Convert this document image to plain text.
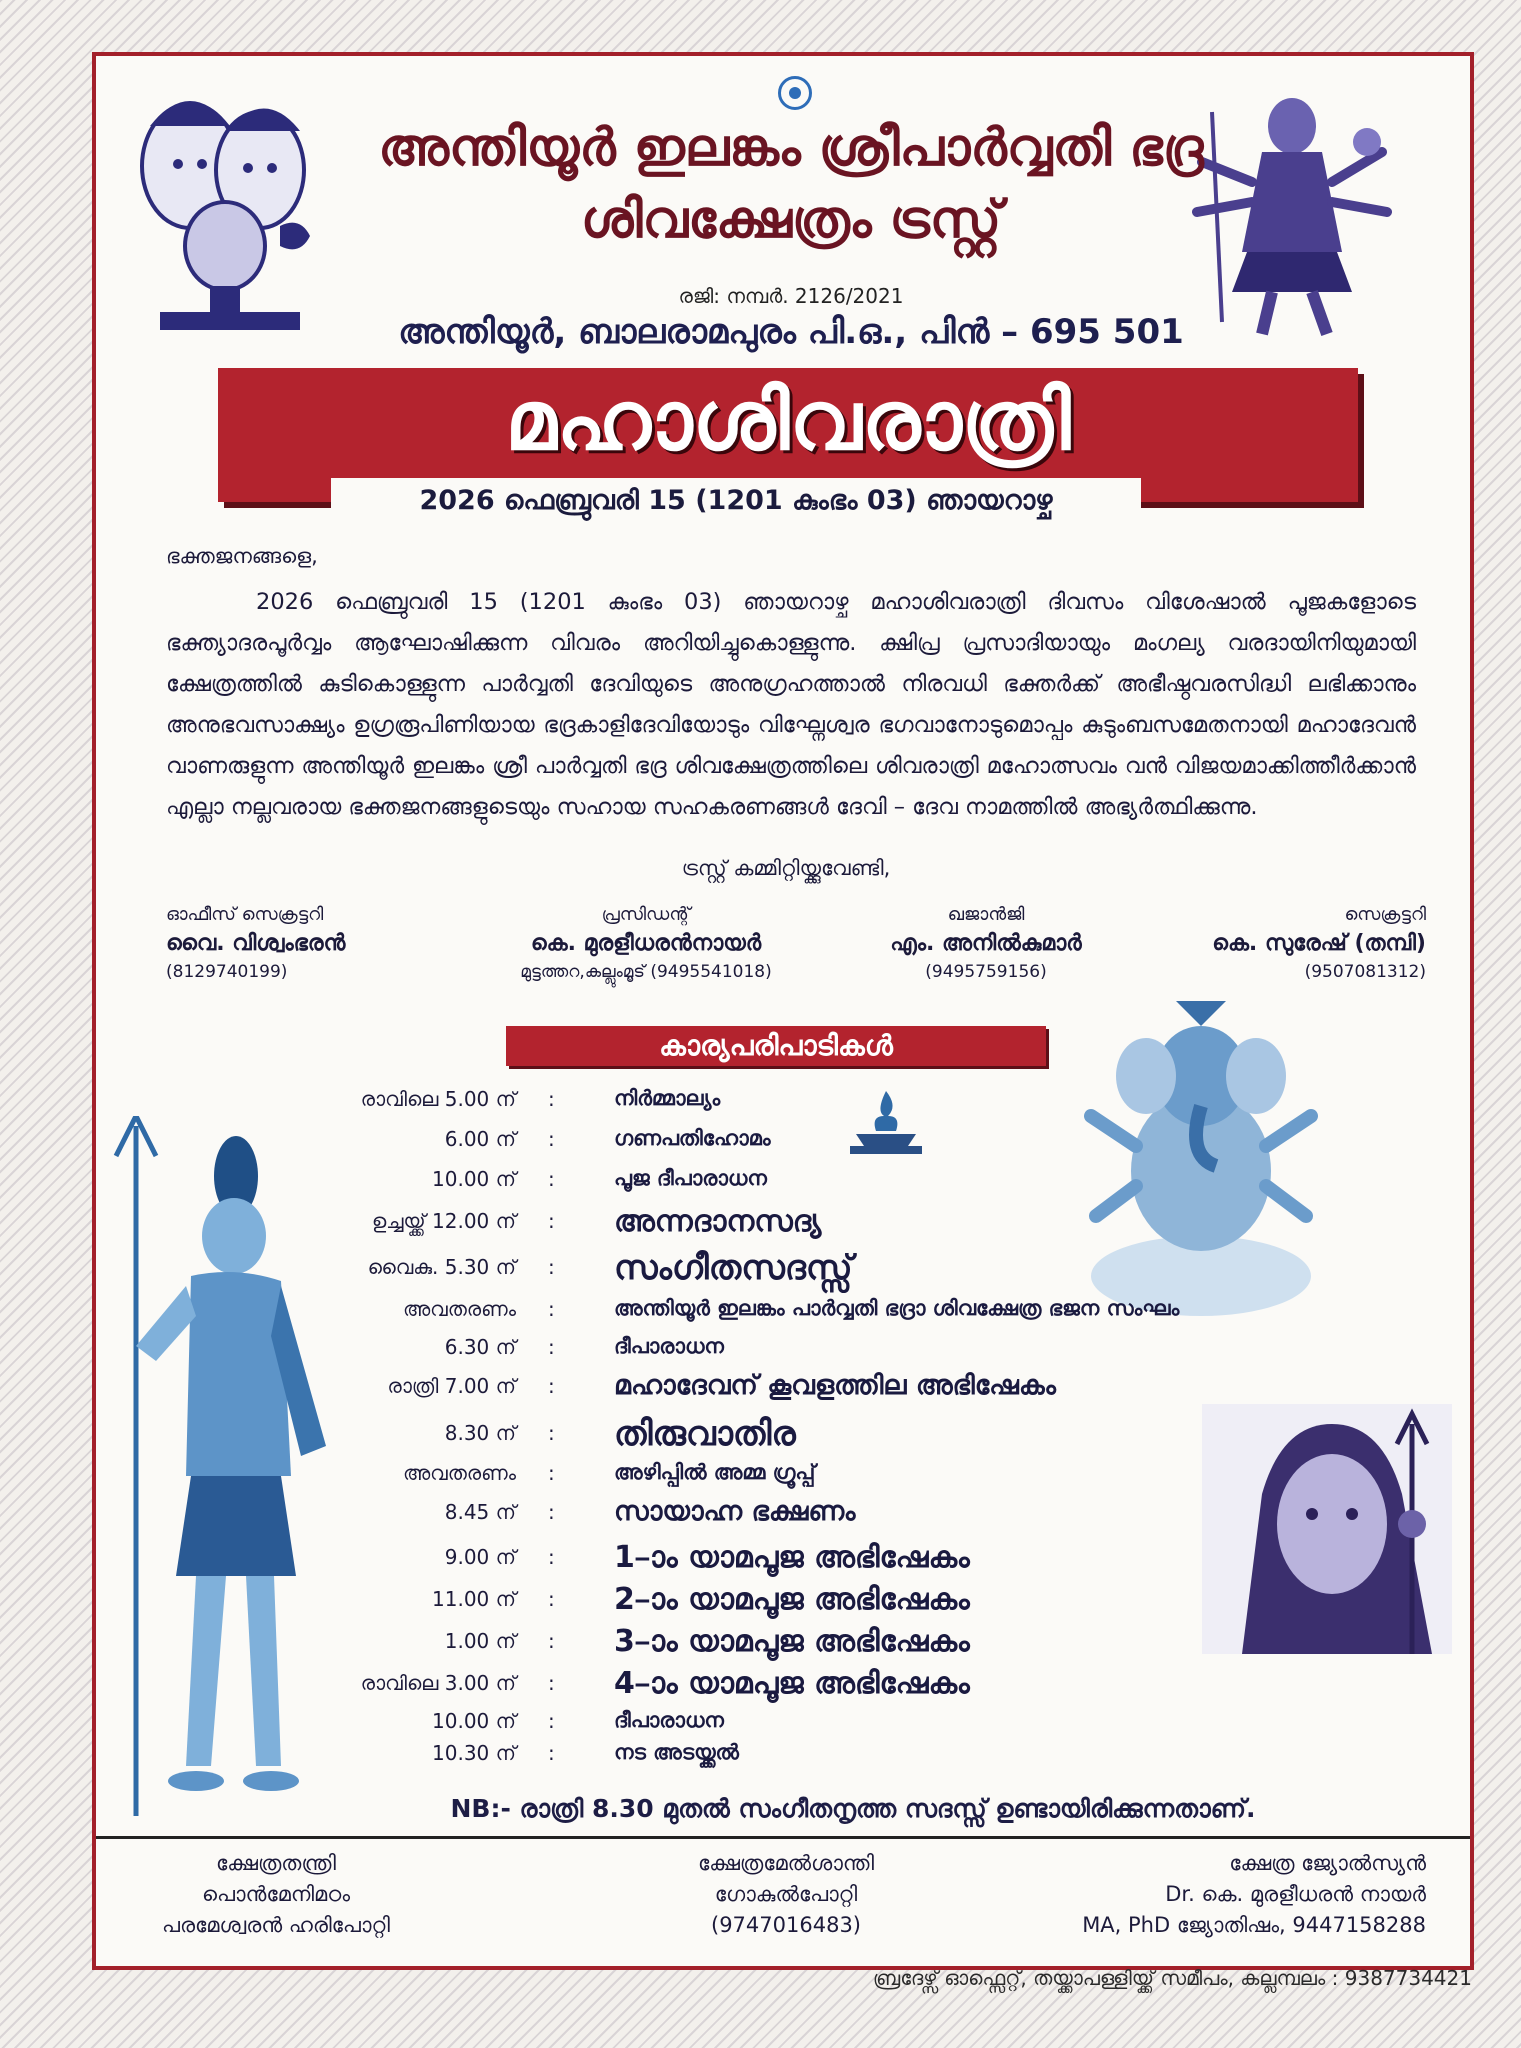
അന്തിയൂർ ഇലങ്കം ശ്രീപാർവ്വതി ഭദ്ര
ശിവക്ഷേത്രം ട്രസ്റ്റ്
രജി: നമ്പർ. 2126/2021
അന്തിയൂർ, ബാലരാമപുരം പി.ഒ., പിൻ – 695 501
മഹാശിവരാത്രി
2026 ഫെബ്രുവരി 15 (1201 കുംഭം 03) ഞായറാഴ്ച
ഭക്തജനങ്ങളെ,
2026 ഫെബ്രുവരി 15 (1201 കുംഭം 03) ഞായറാഴ്ച മഹാശിവരാത്രി ദിവസം വിശേഷാൽ പൂജകളോടെ ഭക്ത്യാദരപൂർവ്വം ആഘോഷിക്കുന്ന വിവരം അറിയിച്ചുകൊള്ളുന്നു. ക്ഷിപ്ര പ്രസാദിയായും മംഗല്യ വരദായിനിയുമായി ക്ഷേത്രത്തിൽ കുടികൊള്ളുന്ന പാർവ്വതി ദേവിയുടെ അനുഗ്രഹത്താൽ നിരവധി ഭക്തർക്ക് അഭീഷ്ഠവരസിദ്ധി ലഭിക്കാനും അനുഭവസാക്ഷ്യം ഉഗ്രരൂപിണിയായ ഭദ്രകാളിദേവിയോടും വിഘ്നേശ്വര ഭഗവാനോടുമൊപ്പം കുടുംബസമേതനായി മഹാദേവൻ വാണരുളുന്ന അന്തിയൂർ ഇലങ്കം ശ്രീ പാർവ്വതി ഭദ്ര ശിവക്ഷേത്രത്തിലെ ശിവരാത്രി മഹോത്സവം വൻ വിജയമാക്കിത്തീർക്കാൻ എല്ലാ നല്ലവരായ ഭക്തജനങ്ങളുടെയും സഹായ സഹകരണങ്ങൾ ദേവി – ദേവ നാമത്തിൽ അഭ്യർത്ഥിക്കുന്നു.
ട്രസ്റ്റ് കമ്മിറ്റിയ്ക്കുവേണ്ടി,
ഓഫീസ് സെക്രട്ടറി
വൈ. വിശ്വംഭരൻ
(8129740199)
പ്രസിഡന്റ്
കെ. മുരളീധരൻനായർ
മുട്ടത്തറ,കല്ലുംമൂട് (9495541018)
ഖജാൻജി
എം. അനിൽകുമാർ
(9495759156)
സെക്രട്ടറി
കെ. സുരേഷ് (തമ്പി)
(9507081312)
കാര്യപരിപാടികൾ
രാവിലെ 5.00 ന് :	നിർമ്മാല്യം
6.00 ന് :	ഗണപതിഹോമം
10.00 ന് :	പൂജ ദീപാരാധന
ഉച്ചയ്ക്ക് 12.00 ന് : അന്നദാനസദ്യ
വൈകു. 5.30 ന് : സംഗീതസദസ്സ്
അവതരണം :	അന്തിയൂർ ഇലങ്കം പാർവ്വതി ഭദ്രാ ശിവക്ഷേത്ര ഭജന സംഘം
6.30 ന് :	ദീപാരാധന
രാത്രി 7.00 ന് : മഹാദേവന് കൂവളത്തില അഭിഷേകം
8.30 ന് : തിരുവാതിര
അവതരണം :	അഴിപ്പിൽ അമ്മ ഗ്രൂപ്പ്
8.45 ന് : സായാഹ്ന ഭക്ഷണം
9.00 ന് : 1–ാം യാമപൂജ അഭിഷേകം
11.00 ന് : 2–ാം യാമപൂജ അഭിഷേകം
1.00 ന് : 3–ാം യാമപൂജ അഭിഷേകം
രാവിലെ 3.00 ന് : 4–ാം യാമപൂജ അഭിഷേകം
10.00 ന് :	ദീപാരാധന
10.30 ന് :	നട അടയ്ക്കൽ
NB:- രാത്രി 8.30 മുതൽ സംഗീതനൃത്ത സദസ്സ് ഉണ്ടായിരിക്കുന്നതാണ്.
ക്ഷേത്രതന്ത്രി
പൊൻമേനിമഠം
പരമേശ്വരൻ ഹരിപോറ്റി
ക്ഷേത്രമേൽശാന്തി
ഗോകുൽപോറ്റി
(9747016483)
ക്ഷേത്ര ജ്യോൽസ്യൻ
Dr. കെ. മുരളീധരൻ നായർ
MA, PhD ജ്യോതിഷം, 9447158288
ബ്രദേഴ്സ് ഓഫ്സെറ്റ്, തയ്ക്കാപള്ളിയ്ക്ക് സമീപം, കല്ലമ്പലം : 9387734421
